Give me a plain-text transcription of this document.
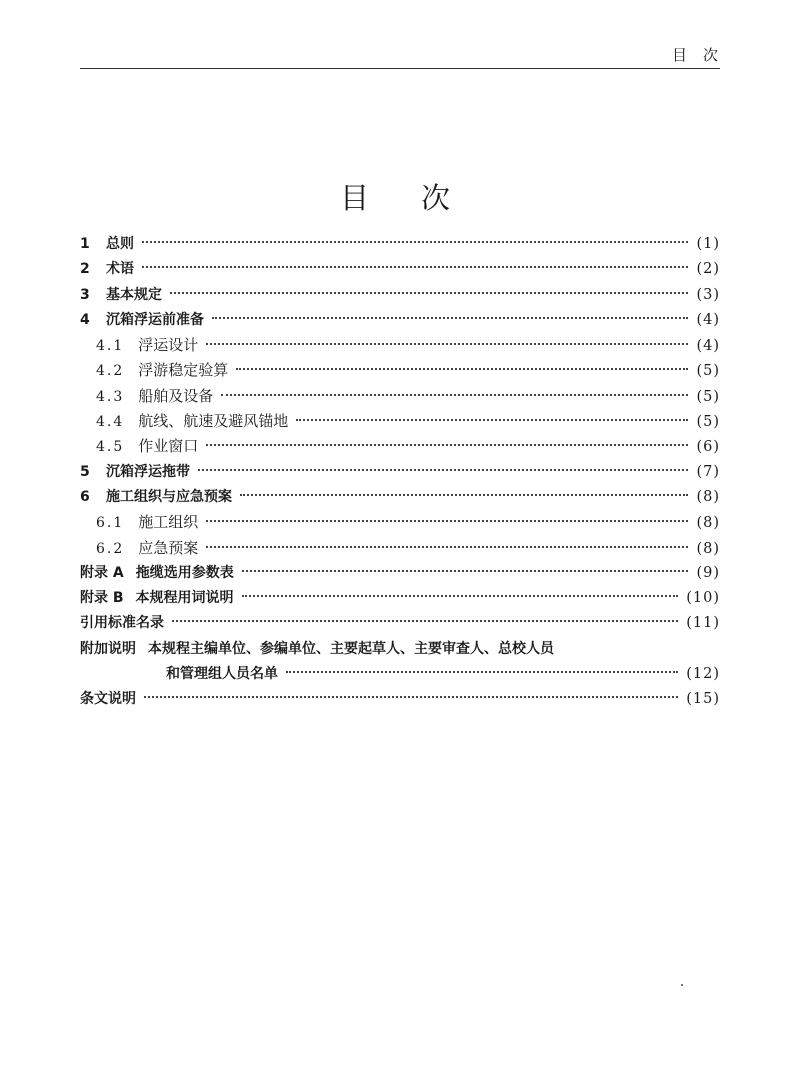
目次
目次
1	总则	(1)
2	术语	(2)
3	基本规定	(3)
4	沉箱浮运前准备	(4)
4.1 浮运设计	(4)
4.2 浮游稳定验算	(5)
4.3 船舶及设备	(5)
4.4 航线、航速及避风锚地	(5)
4.5 作业窗口	(6)
5	沉箱浮运拖带	(7)
6	施工组织与应急预案	(8)
6.1 施工组织	(8)
6.2 应急预案	(8)
附录 A 拖缆选用参数表	(9)
附录 B 本规程用词说明	(10)
引用标准名录	(11)
附加说明 本规程主编单位、参编单位、主要起草人、主要审查人、总校人员
和管理组人员名单	(12)
条文说明	(15)
